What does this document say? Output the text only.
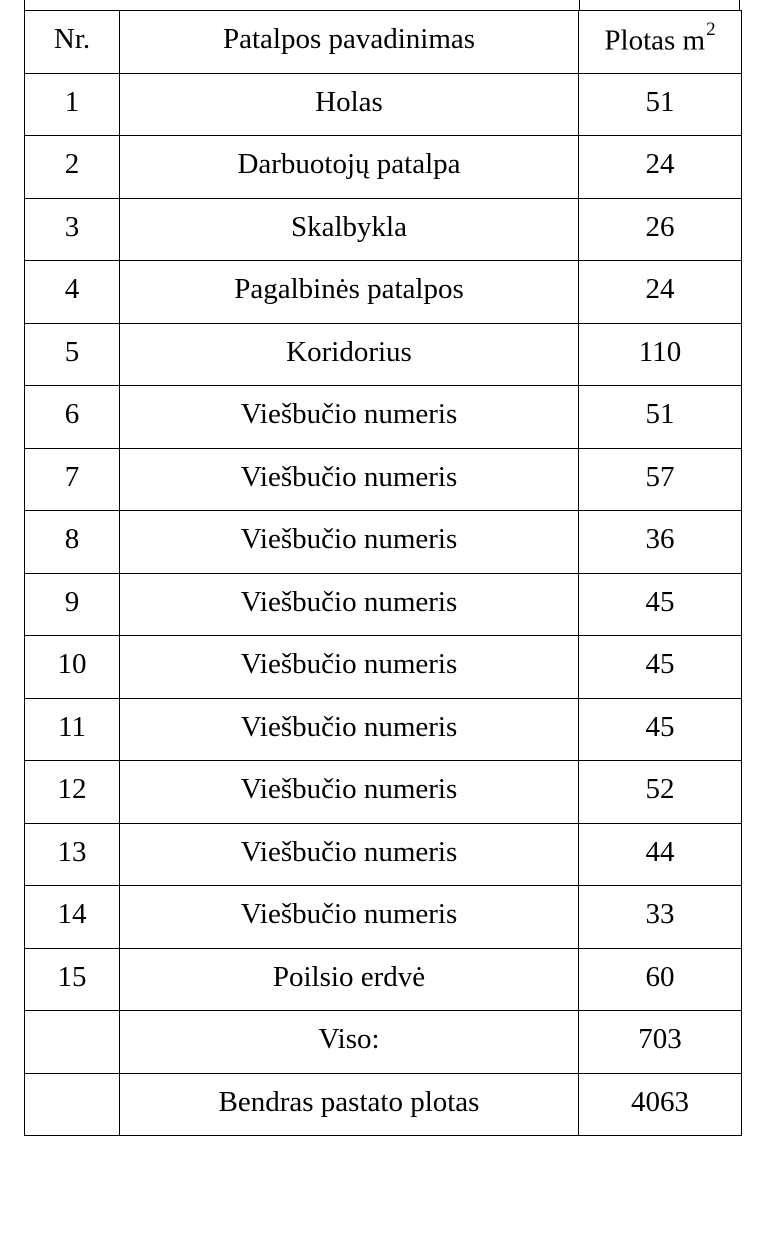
Nr.	Patalpos pavadinimas	Plotas $m^2$
1	Holas	51
2	Darbuotojų patalpa	24
3	Skalbykla	26
4	Pagalbinės patalpos	24
5	Koridorius	110
6	Viešbučio numeris	51
7	Viešbučio numeris	57
8	Viešbučio numeris	36
9	Viešbučio numeris	45
10	Viešbučio numeris	45
11	Viešbučio numeris	45
12	Viešbučio numeris	52
13	Viešbučio numeris	44
14	Viešbučio numeris	33
15	Poilsio erdvė	60
	Viso:	703
	Bendras pastato plotas	4063
